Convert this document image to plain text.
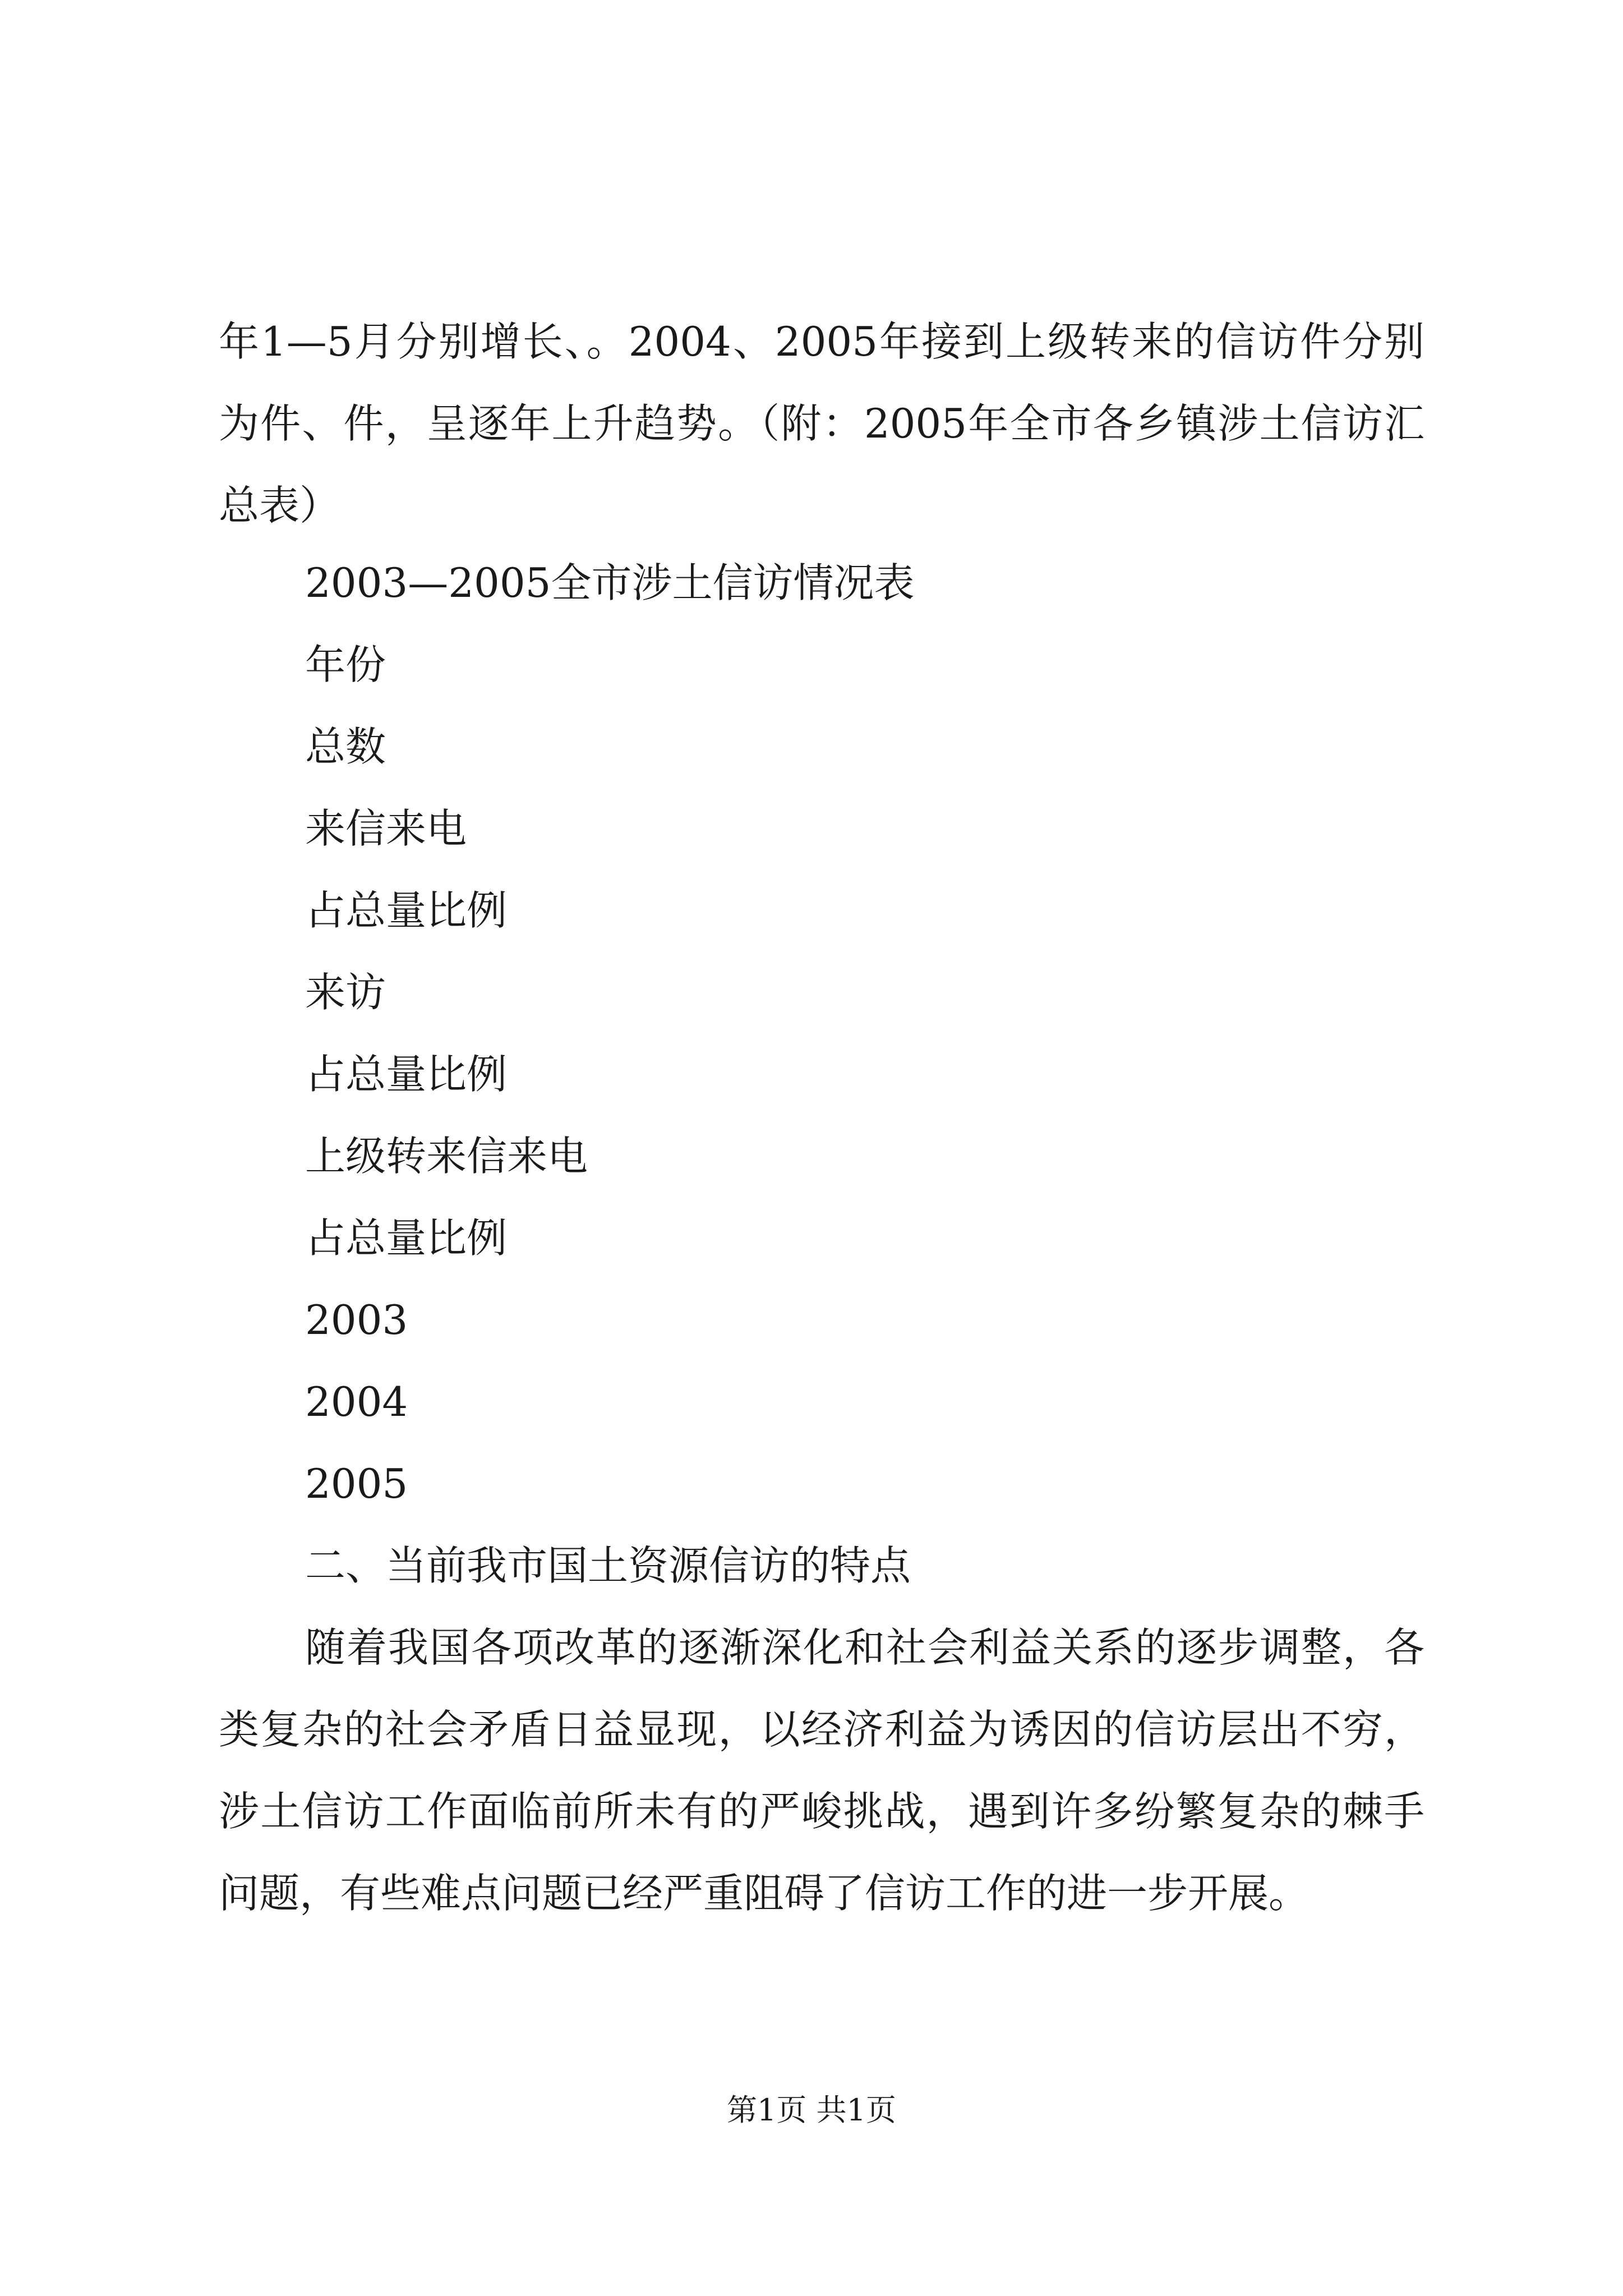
年1—5月分别增长、。2004、2005年接到上级转来的信访件分别为件、件，呈逐年上升趋势。（附：2005年全市各乡镇涉土信访汇总表）

2003—2005全市涉土信访情况表
年份
总数
来信来电
占总量比例
来访
占总量比例
上级转来信来电
占总量比例
2003
2004
2005
二、当前我市国土资源信访的特点

随着我国各项改革的逐渐深化和社会利益关系的逐步调整，各类复杂的社会矛盾日益显现，以经济利益为诱因的信访层出不穷，涉土信访工作面临前所未有的严峻挑战，遇到许多纷繁复杂的棘手问题，有些难点问题已经严重阻碍了信访工作的进一步开展。

第1页 共1页
